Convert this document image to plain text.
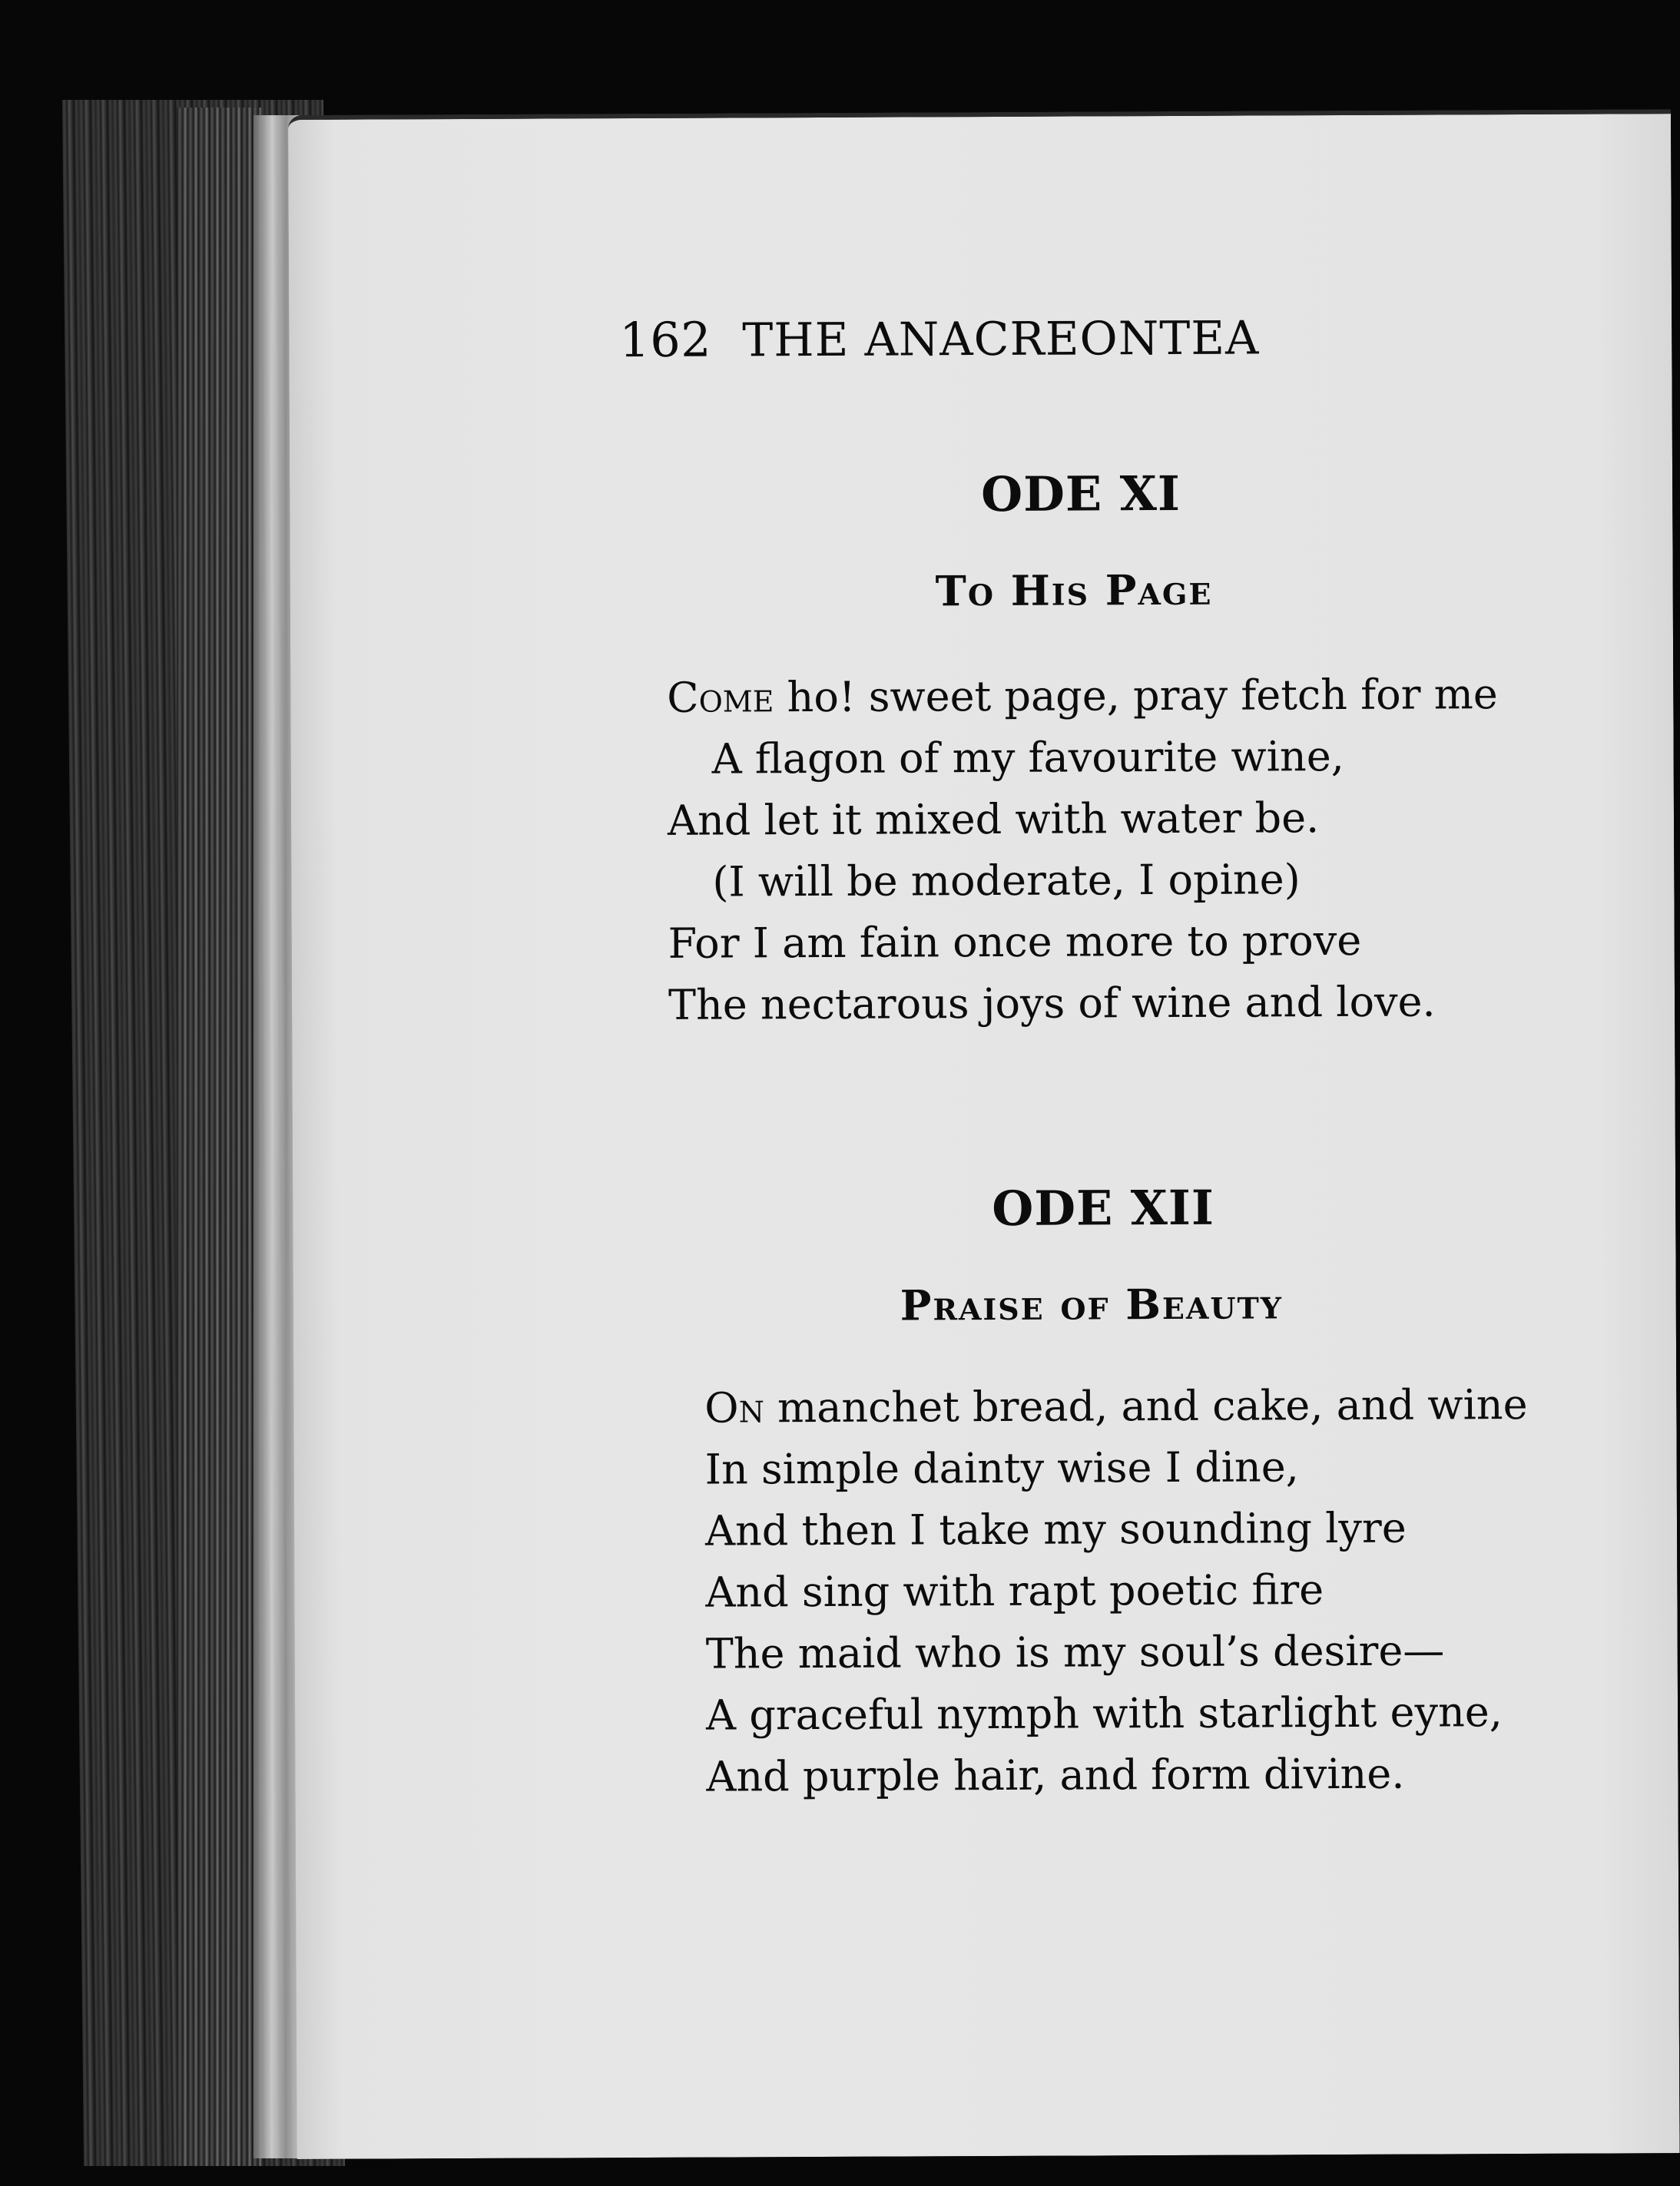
162 THE ANACREONTEA

ODE XI

To His Page

Come ho! sweet page, pray fetch for me
A flagon of my favourite wine,
And let it mixed with water be.
(I will be moderate, I opine)
For I am fain once more to prove
The nectarous joys of wine and love.

ODE XII

Praise of Beauty

On manchet bread, and cake, and wine
In simple dainty wise I dine,
And then I take my sounding lyre
And sing with rapt poetic fire
The maid who is my soul’s desire—
A graceful nymph with starlight eyne,
And purple hair, and form divine.
